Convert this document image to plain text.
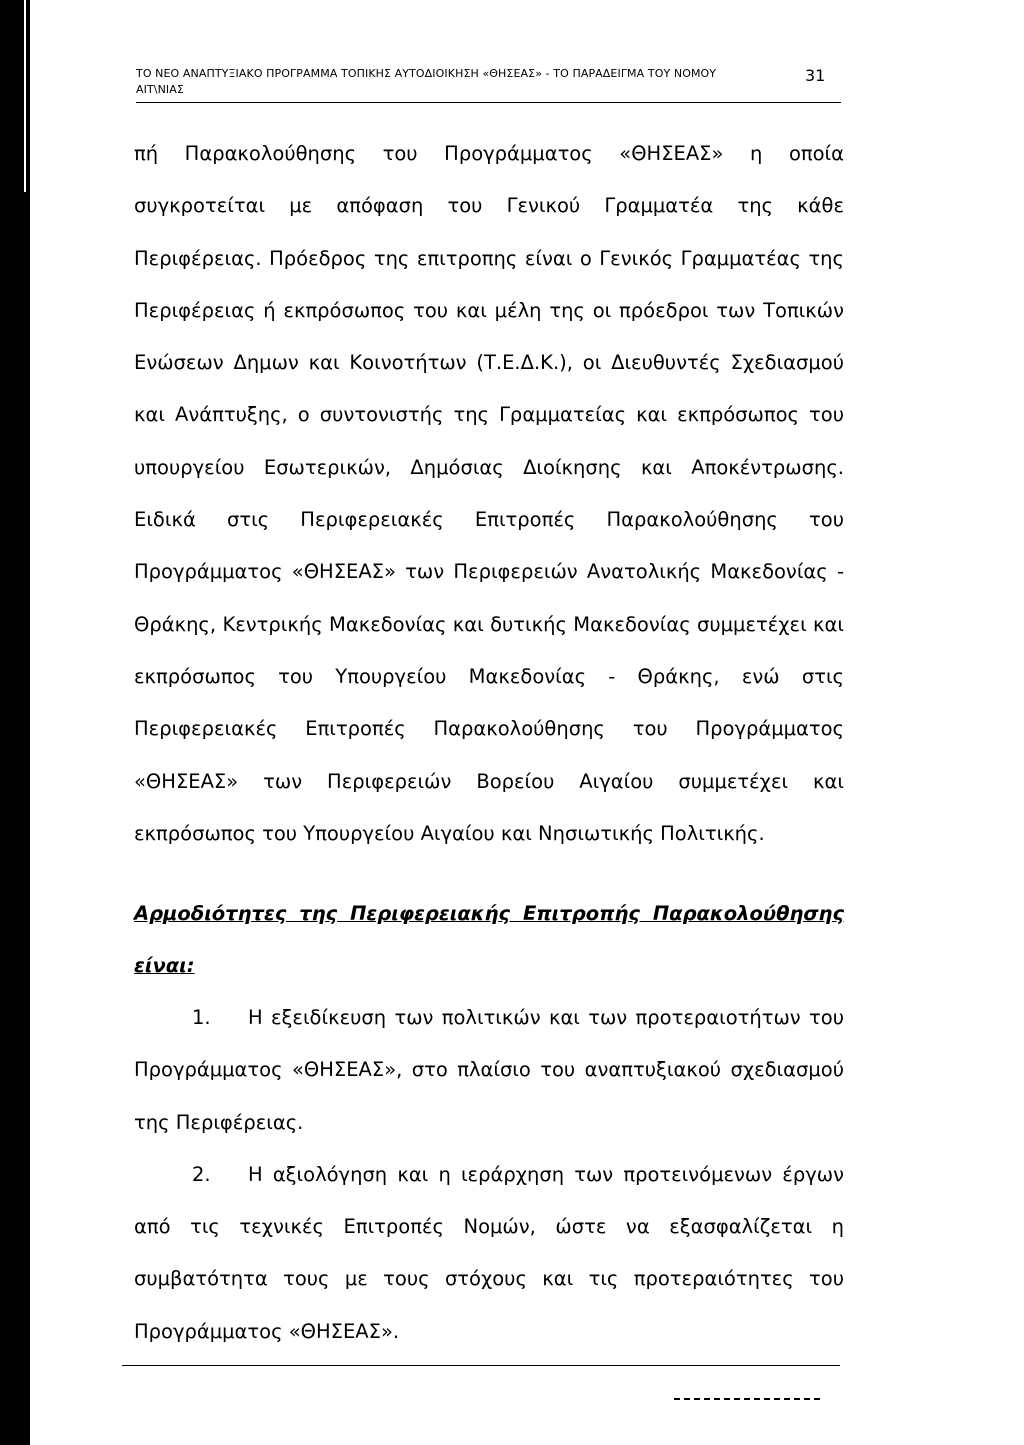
ΤΟ ΝΕΟ ΑΝΑΠΤΥΞΙΑΚΟ ΠΡΟΓΡΑΜΜΑ ΤΟΠΙΚΗΣ ΑΥΤΟΔΙΟΙΚΗΣΗ «ΘΗΣΕΑΣ» - ΤΟ ΠΑΡΑΔΕΙΓΜΑ ΤΟΥ ΝΟΜΟΥ ΑΙΤ\ΝΙΑΣ
31

πή Παρακολούθησης του Προγράμματος «ΘΗΣΕΑΣ» η οποία συγκροτείται με απόφαση του Γενικού Γραμματέα της κάθε Περιφέρειας. Πρόεδρος της επιτροπης είναι ο Γενικός Γραμματέας της Περιφέρειας ή εκπρόσωπος του και μέλη της οι πρόεδροι των Τοπικών Ενώσεων Δημων και Κοινοτήτων (Τ.Ε.Δ.Κ.), οι Διευθυντές Σχεδιασμού και Ανάπτυξης, ο συντονιστής της Γραμματείας και εκπρόσωπος του υπουργείου Εσωτερικών, Δημόσιας Διοίκησης και Αποκέντρωσης. Ειδικά στις Περιφερειακές Επιτροπές Παρακολούθησης του Προγράμματος «ΘΗΣΕΑΣ» των Περιφερειών Ανατολικής Μακεδονίας - Θράκης, Κεντρικής Μακεδονίας και δυτικής Μακεδονίας συμμετέχει και εκπρόσωπος του Υπουργείου Μακεδονίας - Θράκης, ενώ στις Περιφερειακές Επιτροπές Παρακολούθησης του Προγράμματος «ΘΗΣΕΑΣ» των Περιφερειών Βορείου Αιγαίου συμμετέχει και εκπρόσωπος του Υπουργείου Αιγαίου και Νησιωτικής Πολιτικής.

Αρμοδιότητες της Περιφερειακής Επιτροπής Παρακολούθησης είναι:

1. Η εξειδίκευση των πολιτικών και των προτεραιοτήτων του Προγράμματος «ΘΗΣΕΑΣ», στο πλαίσιο του αναπτυξιακού σχεδιασμού της Περιφέρειας.

2. Η αξιολόγηση και η ιεράρχηση των προτεινόμενων έργων από τις τεχνικές Επιτροπές Νομών, ώστε να εξασφαλίζεται η συμβατότητα τους με τους στόχους και τις προτεραιότητες του Προγράμματος «ΘΗΣΕΑΣ».
